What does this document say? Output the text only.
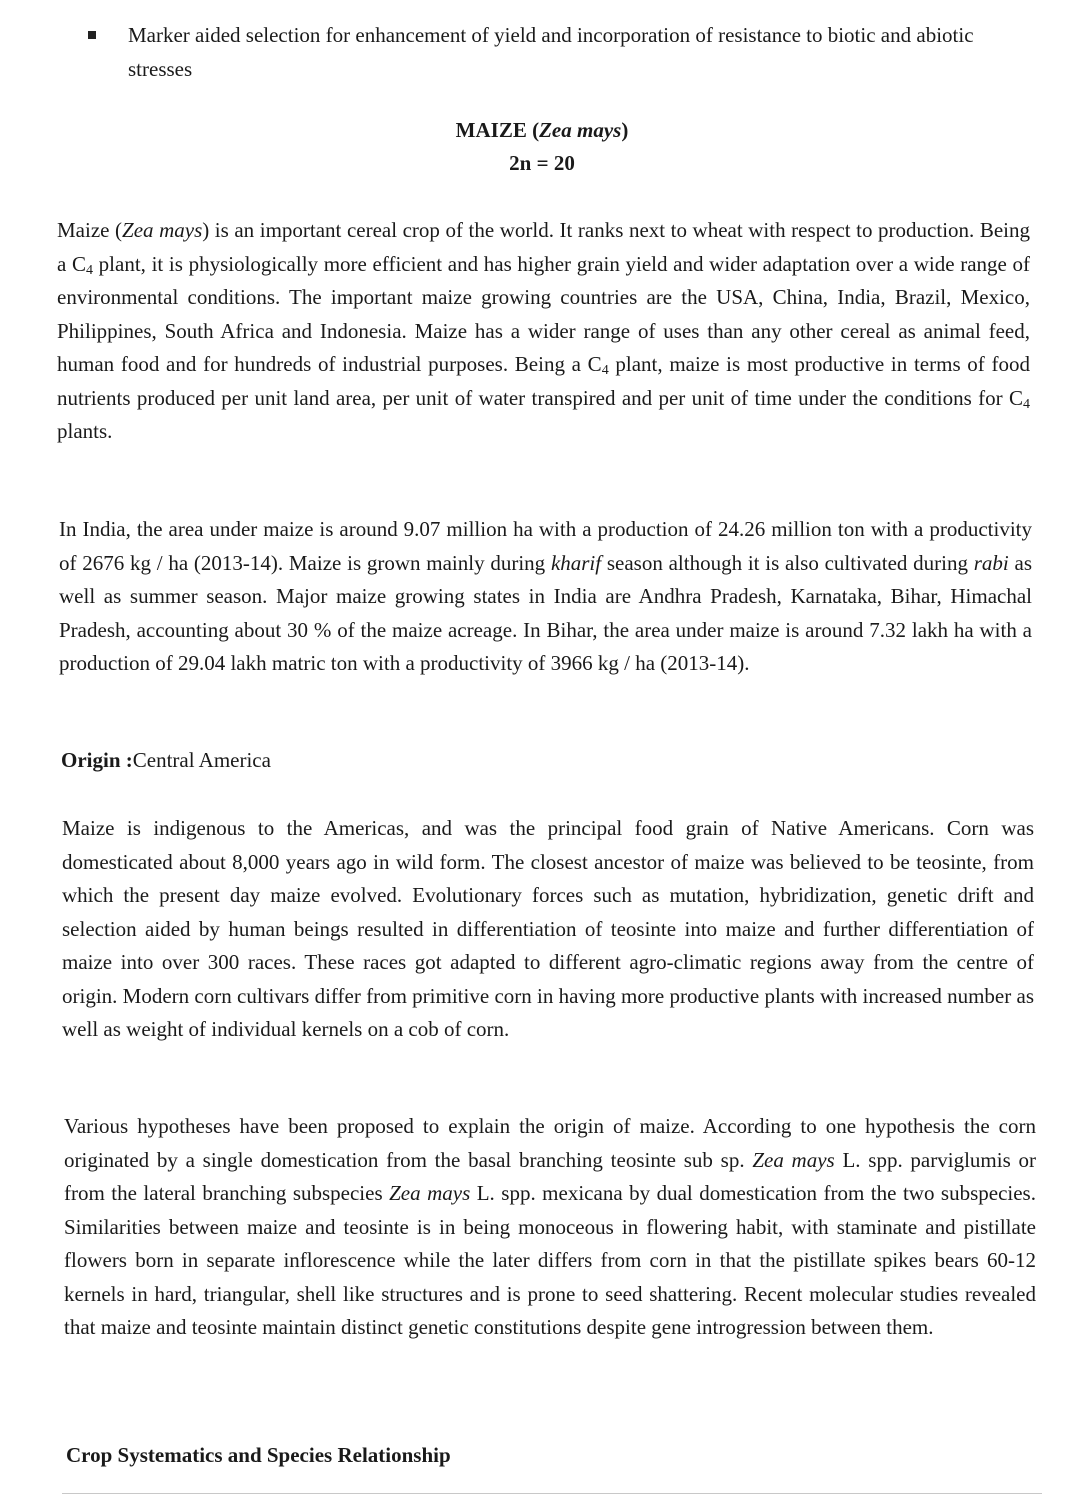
Marker aided selection for enhancement of yield and incorporation of resistance to biotic and abiotic stresses
MAIZE (Zea mays)
2n = 20

Maize (Zea mays) is an important cereal crop of the world. It ranks next to wheat with respect to production. Being a $C_4$ plant, it is physiologically more efficient and has higher grain yield and wider adaptation over a wide range of environmental conditions. The important maize growing countries are the USA, China, India, Brazil, Mexico, Philippines, South Africa and Indonesia. Maize has a wider range of uses than any other cereal as animal feed, human food and for hundreds of industrial purposes. Being a $C_4$ plant, maize is most productive in terms of food nutrients produced per unit land area, per unit of water transpired and per unit of time under the conditions for $C_4$ plants.

In India, the area under maize is around 9.07 million ha with a production of 24.26 million ton with a productivity of 2676 kg / ha (2013-14). Maize is grown mainly during kharif season although it is also cultivated during rabi as well as summer season. Major maize growing states in India are Andhra Pradesh, Karnataka, Bihar, Himachal Pradesh, accounting about 30 % of the maize acreage. In Bihar, the area under maize is around 7.32 lakh ha with a production of 29.04 lakh matric ton with a productivity of 3966 kg / ha (2013-14).

Origin :Central America

Maize is indigenous to the Americas, and was the principal food grain of Native Americans. Corn was domesticated about 8,000 years ago in wild form. The closest ancestor of maize was believed to be teosinte, from which the present day maize evolved. Evolutionary forces such as mutation, hybridization, genetic drift and selection aided by human beings resulted in differentiation of teosinte into maize and further differentiation of maize into over 300 races. These races got adapted to different agro-climatic regions away from the centre of origin. Modern corn cultivars differ from primitive corn in having more productive plants with increased number as well as weight of individual kernels on a cob of corn.

Various hypotheses have been proposed to explain the origin of maize. According to one hypothesis the corn originated by a single domestication from the basal branching teosinte sub sp. Zea mays L. spp. parviglumis or from the lateral branching subspecies Zea mays L. spp. mexicana by dual domestication from the two subspecies. Similarities between maize and teosinte is in being monoceous in flowering habit, with staminate and pistillate flowers born in separate inflorescence while the later differs from corn in that the pistillate spikes bears 60-12 kernels in hard, triangular, shell like structures and is prone to seed shattering. Recent molecular studies revealed that maize and teosinte maintain distinct genetic constitutions despite gene introgression between them.

Crop Systematics and Species Relationship
